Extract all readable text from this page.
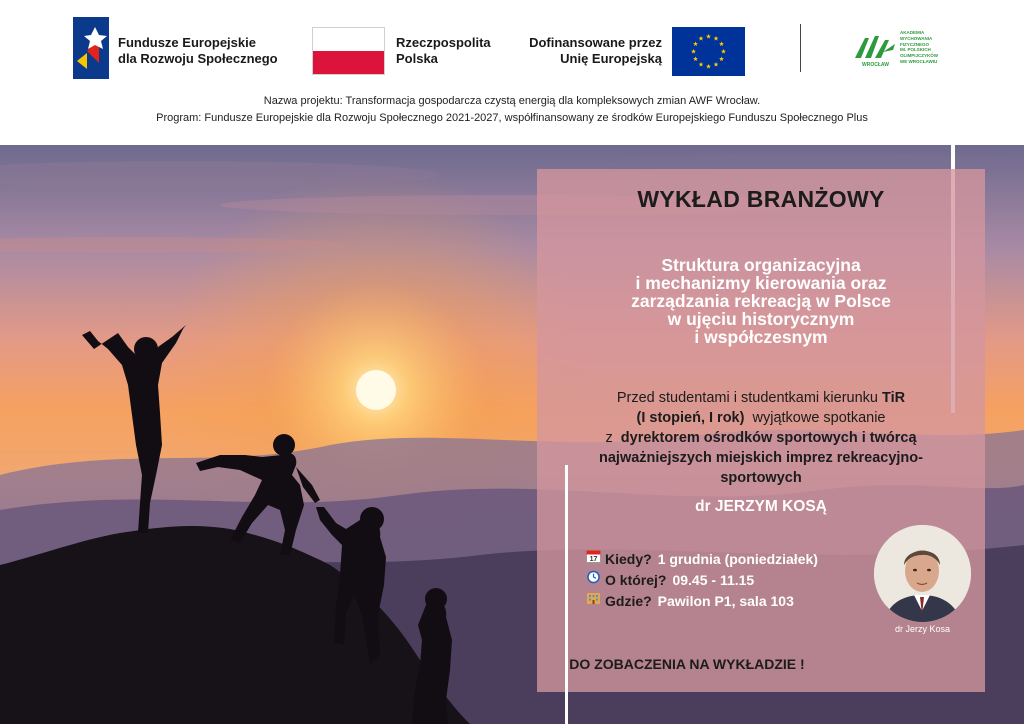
Fundusze Europejskie
dla Rozwoju Społecznego
Rzeczpospolita
Polska
Dofinansowane przez
Unię Europejską	WROCŁAW
AKADEMIA
WYCHOWANIA
FIZYCZNEGO
IM. POLSKICH
OLIMPIJCZYKÓW
WE WROCŁAWIU
Nazwa projektu: Transformacja gospodarcza czystą energią dla kompleksowych zmian AWF Wrocław.
Program: Fundusze Europejskie dla Rozwoju Społecznego 2021-2027, współfinansowany ze środków Europejskiego Funduszu Społecznego Plus
WYKŁAD BRANŻOWY
Struktura organizacyjna
i mechanizmy kierowania oraz
zarządzania rekreacją w Polsce
w ujęciu historycznym
i współczesnym
Przed studentami i studentkami kierunku TiR
(I stopień, I rok)  wyjątkowe spotkanie
z  dyrektorem ośrodków sportowych i twórcą
najważniejszych miejskich imprez rekreacyjno-
sportowych
dr JERZYM KOSĄ
17 Kiedy? 1 grudnia (poniedziałek)
O której? 09.45 - 11.15
Gdzie? Pawilon P1, sala 103
dr Jerzy Kosa
DO ZOBACZENIA NA WYKŁADZIE !
